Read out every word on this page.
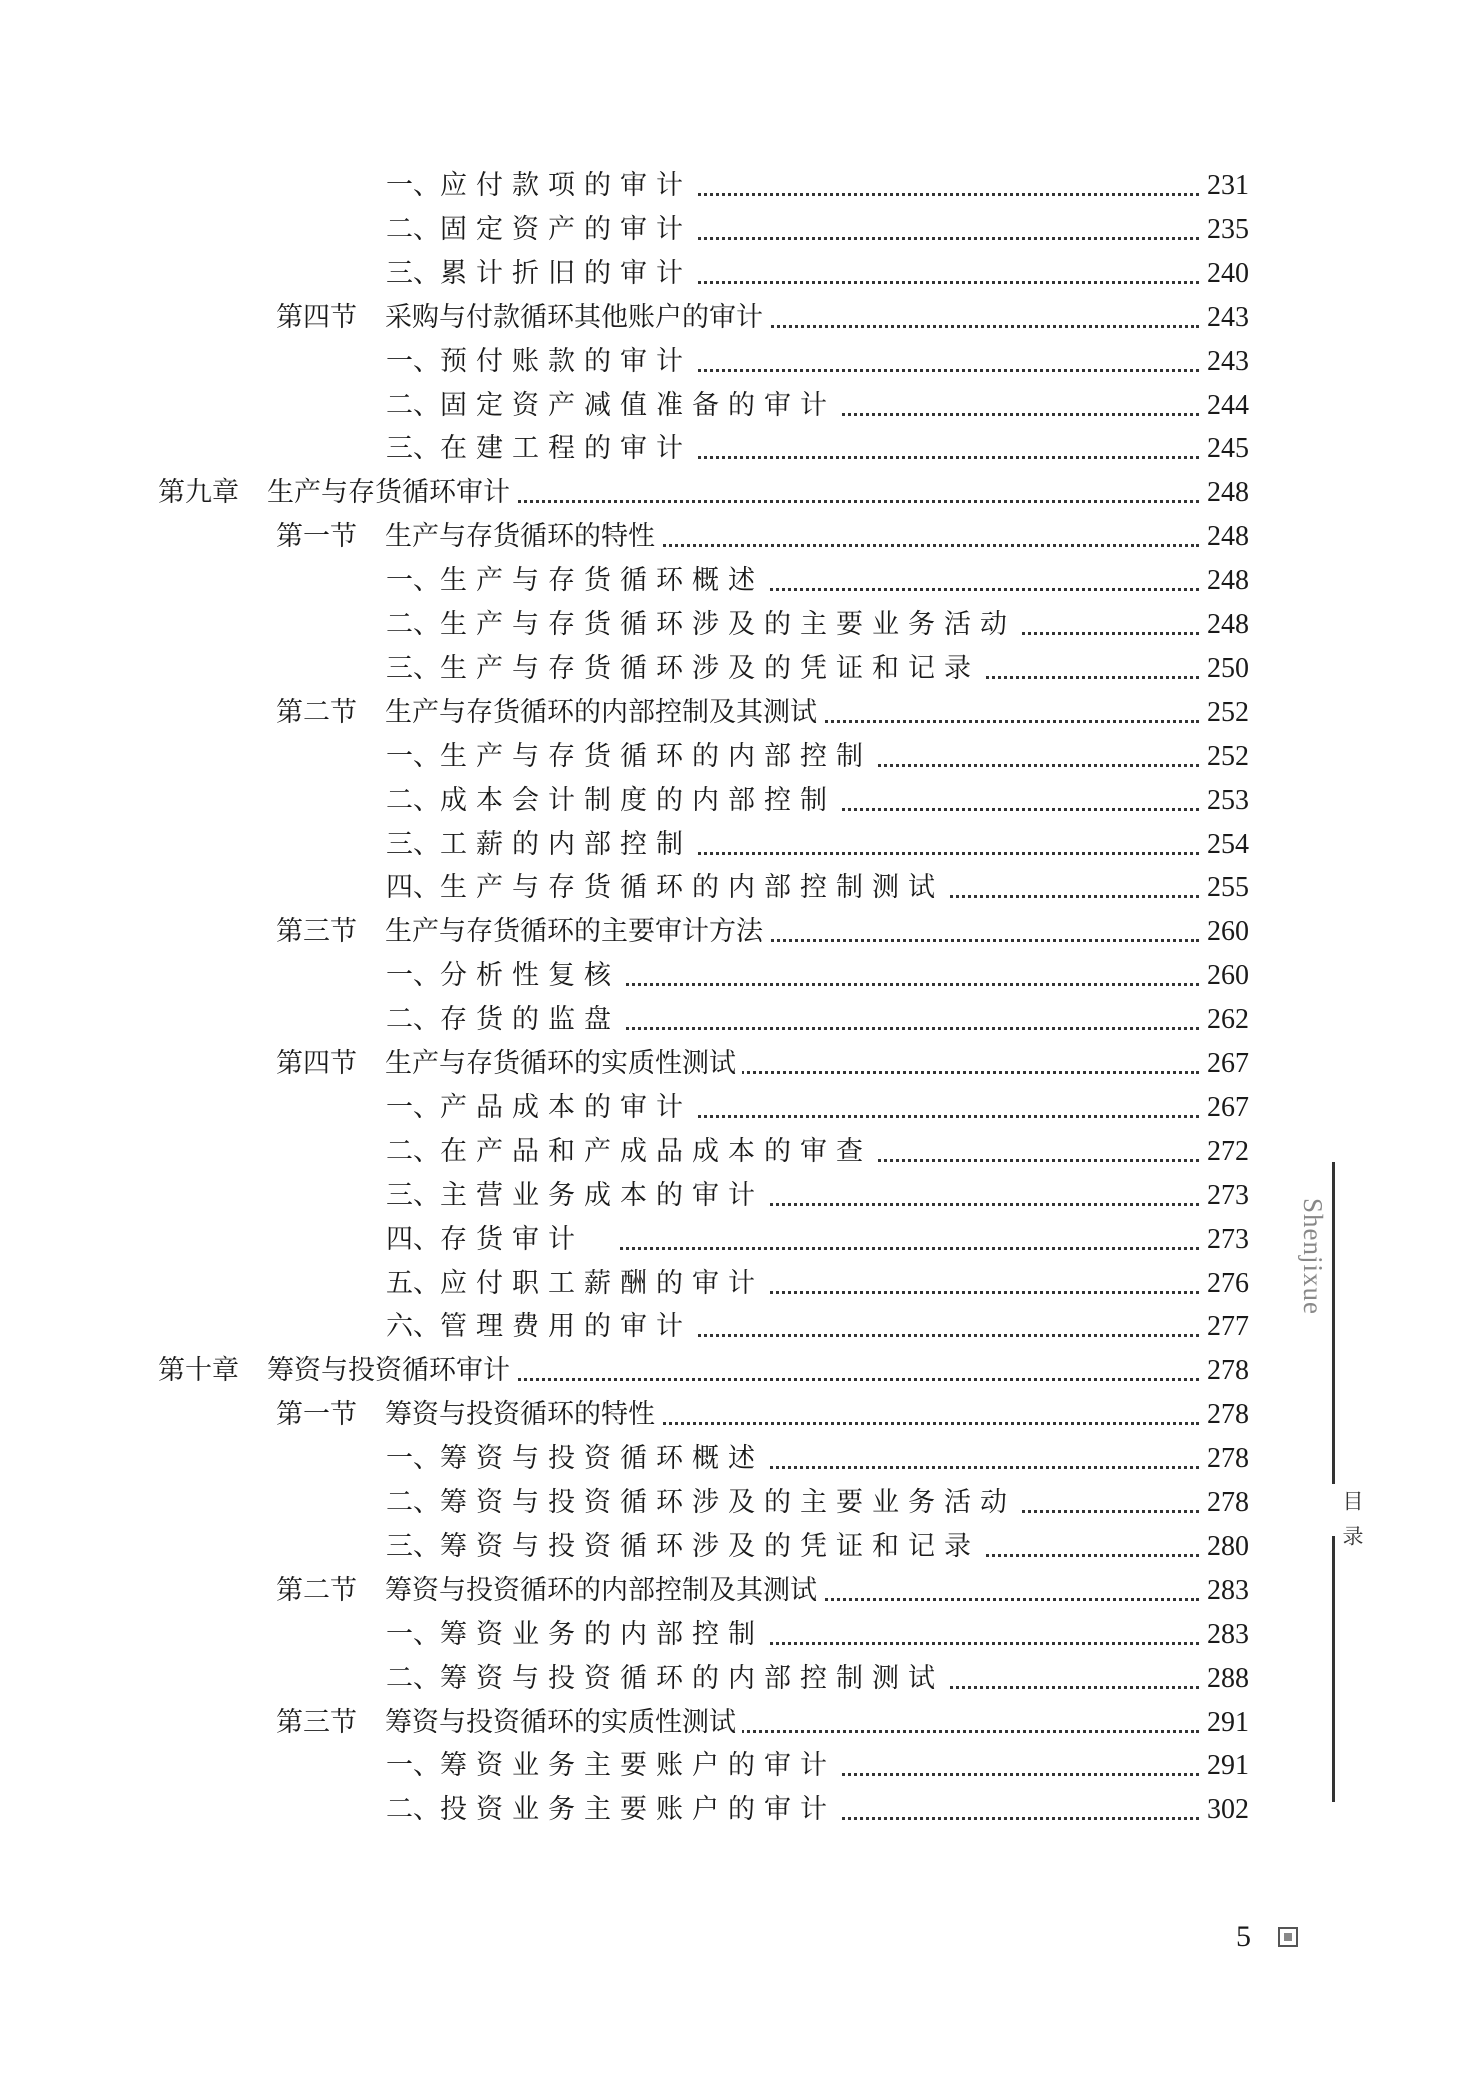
一、应付款项的审计	231
二、固定资产的审计	235
三、累计折旧的审计	240
第四节 采购与付款循环其他账户的审计	243
一、预付账款的审计	243
二、固定资产减值准备的审计	244
三、在建工程的审计	245
第九章 生产与存货循环审计	248
第一节 生产与存货循环的特性	248
一、生产与存货循环概述	248
二、生产与存货循环涉及的主要业务活动	248
三、生产与存货循环涉及的凭证和记录	250
第二节 生产与存货循环的内部控制及其测试	252
一、生产与存货循环的内部控制	252
二、成本会计制度的内部控制	253
三、工薪的内部控制	254
四、生产与存货循环的内部控制测试	255
第三节 生产与存货循环的主要审计方法	260
一、分析性复核	260
二、存货的监盘	262
第四节 生产与存货循环的实质性测试	267
一、产品成本的审计	267
二、在产品和产成品成本的审查	272
三、主营业务成本的审计	273
四、存货审计	273
五、应付职工薪酬的审计	276
六、管理费用的审计	277
第十章 筹资与投资循环审计	278
第一节 筹资与投资循环的特性	278
一、筹资与投资循环概述	278
二、筹资与投资循环涉及的主要业务活动	278
三、筹资与投资循环涉及的凭证和记录	280
第二节 筹资与投资循环的内部控制及其测试	283
一、筹资业务的内部控制	283
二、筹资与投资循环的内部控制测试	288
第三节 筹资与投资循环的实质性测试	291
一、筹资业务主要账户的审计	291
二、投资业务主要账户的审计	302
Shenjixue
目录
5
